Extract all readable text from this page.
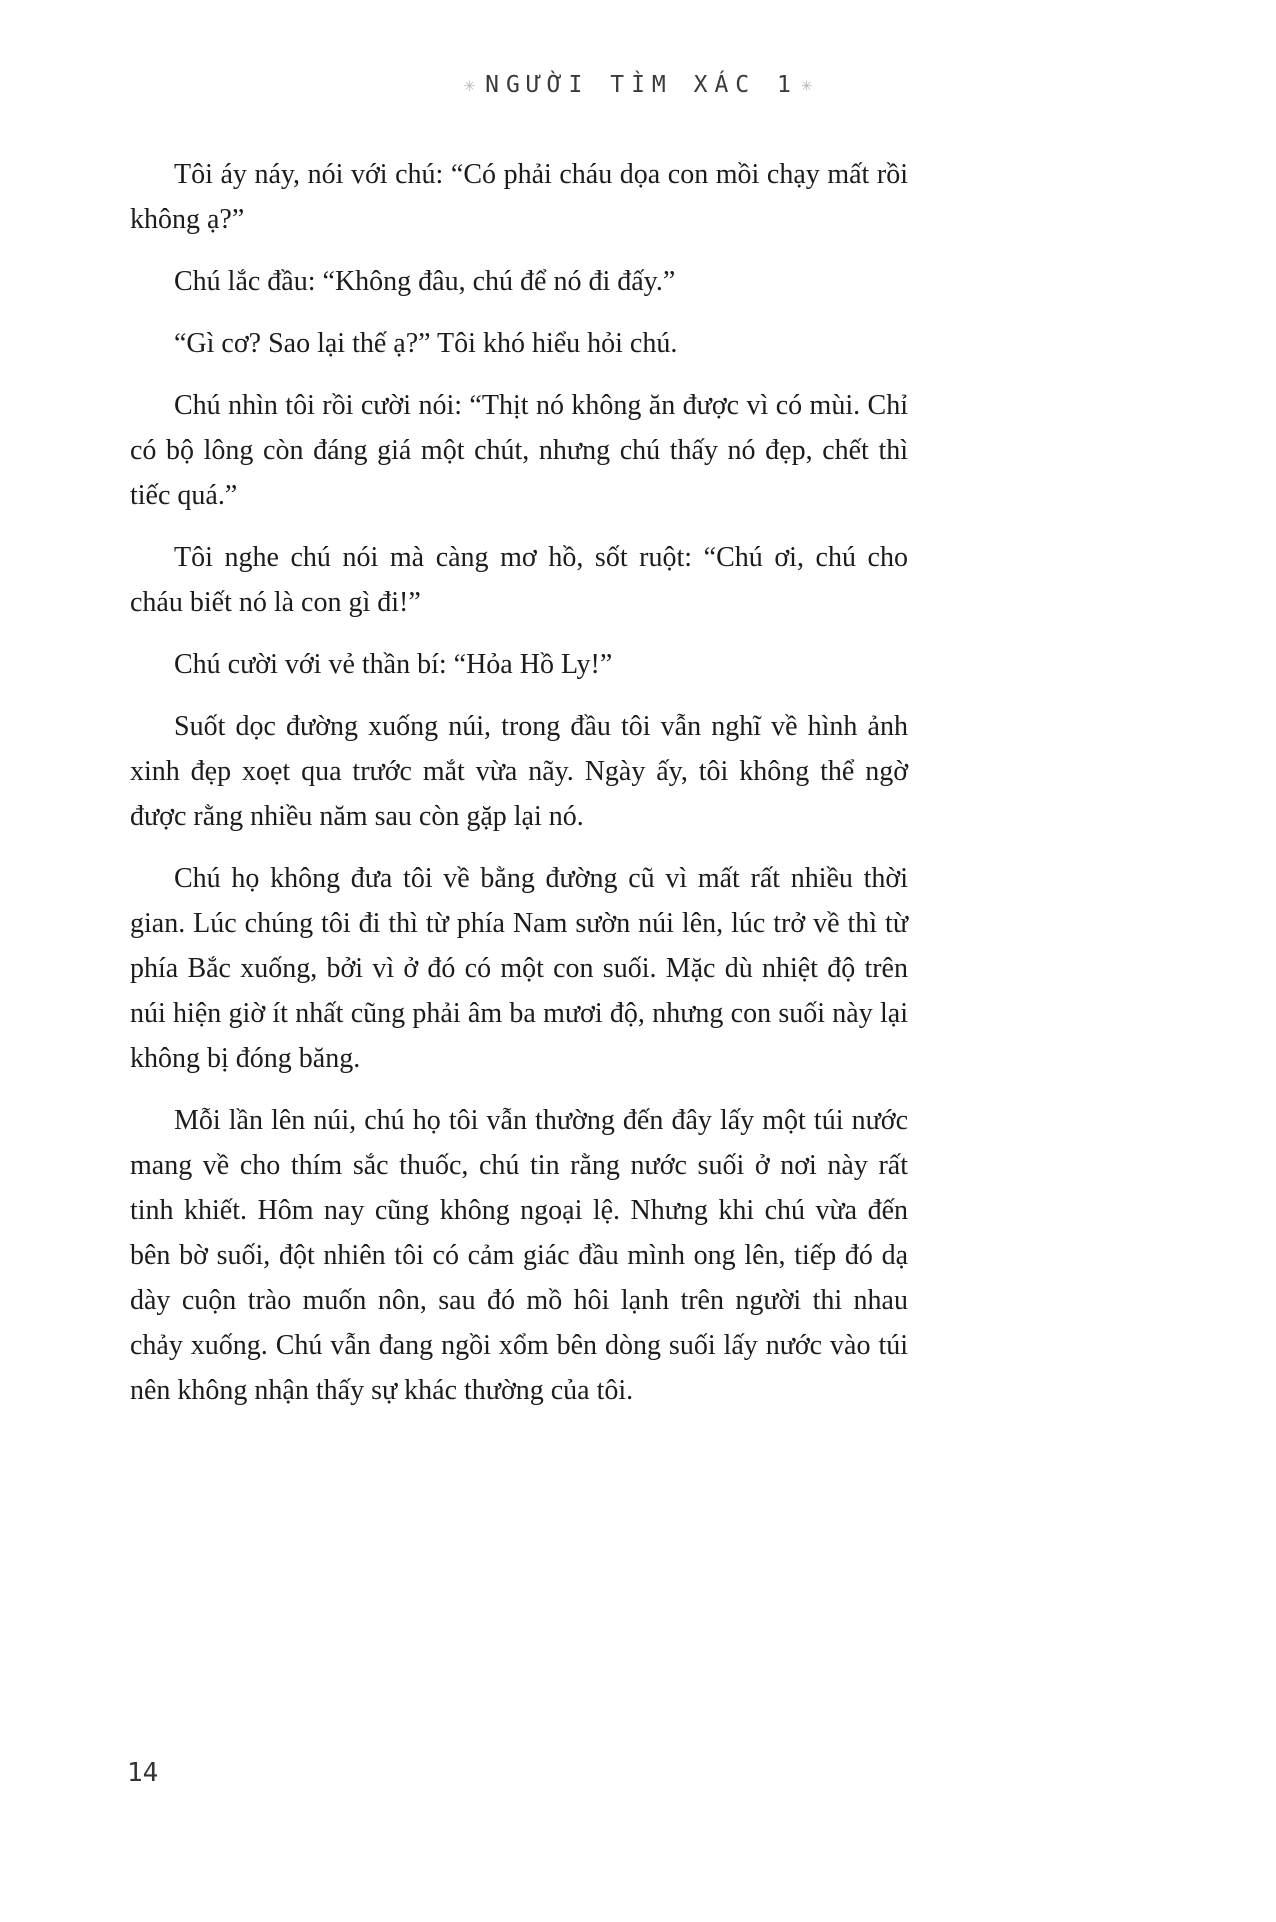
✳ NGƯỜI TÌM XÁC 1 ✳

Tôi áy náy, nói với chú: “Có phải cháu dọa con mồi chạy mất rồi không ạ?”

Chú lắc đầu: “Không đâu, chú để nó đi đấy.”

“Gì cơ? Sao lại thế ạ?” Tôi khó hiểu hỏi chú.

Chú nhìn tôi rồi cười nói: “Thịt nó không ăn được vì có mùi. Chỉ có bộ lông còn đáng giá một chút, nhưng chú thấy nó đẹp, chết thì tiếc quá.”

Tôi nghe chú nói mà càng mơ hồ, sốt ruột: “Chú ơi, chú cho cháu biết nó là con gì đi!”

Chú cười với vẻ thần bí: “Hỏa Hồ Ly!”

Suốt dọc đường xuống núi, trong đầu tôi vẫn nghĩ về hình ảnh xinh đẹp xoẹt qua trước mắt vừa nãy. Ngày ấy, tôi không thể ngờ được rằng nhiều năm sau còn gặp lại nó.

Chú họ không đưa tôi về bằng đường cũ vì mất rất nhiều thời gian. Lúc chúng tôi đi thì từ phía Nam sườn núi lên, lúc trở về thì từ phía Bắc xuống, bởi vì ở đó có một con suối. Mặc dù nhiệt độ trên núi hiện giờ ít nhất cũng phải âm ba mươi độ, nhưng con suối này lại không bị đóng băng.

Mỗi lần lên núi, chú họ tôi vẫn thường đến đây lấy một túi nước mang về cho thím sắc thuốc, chú tin rằng nước suối ở nơi này rất tinh khiết. Hôm nay cũng không ngoại lệ. Nhưng khi chú vừa đến bên bờ suối, đột nhiên tôi có cảm giác đầu mình ong lên, tiếp đó dạ dày cuộn trào muốn nôn, sau đó mồ hôi lạnh trên người thi nhau chảy xuống. Chú vẫn đang ngồi xổm bên dòng suối lấy nước vào túi nên không nhận thấy sự khác thường của tôi.

14
